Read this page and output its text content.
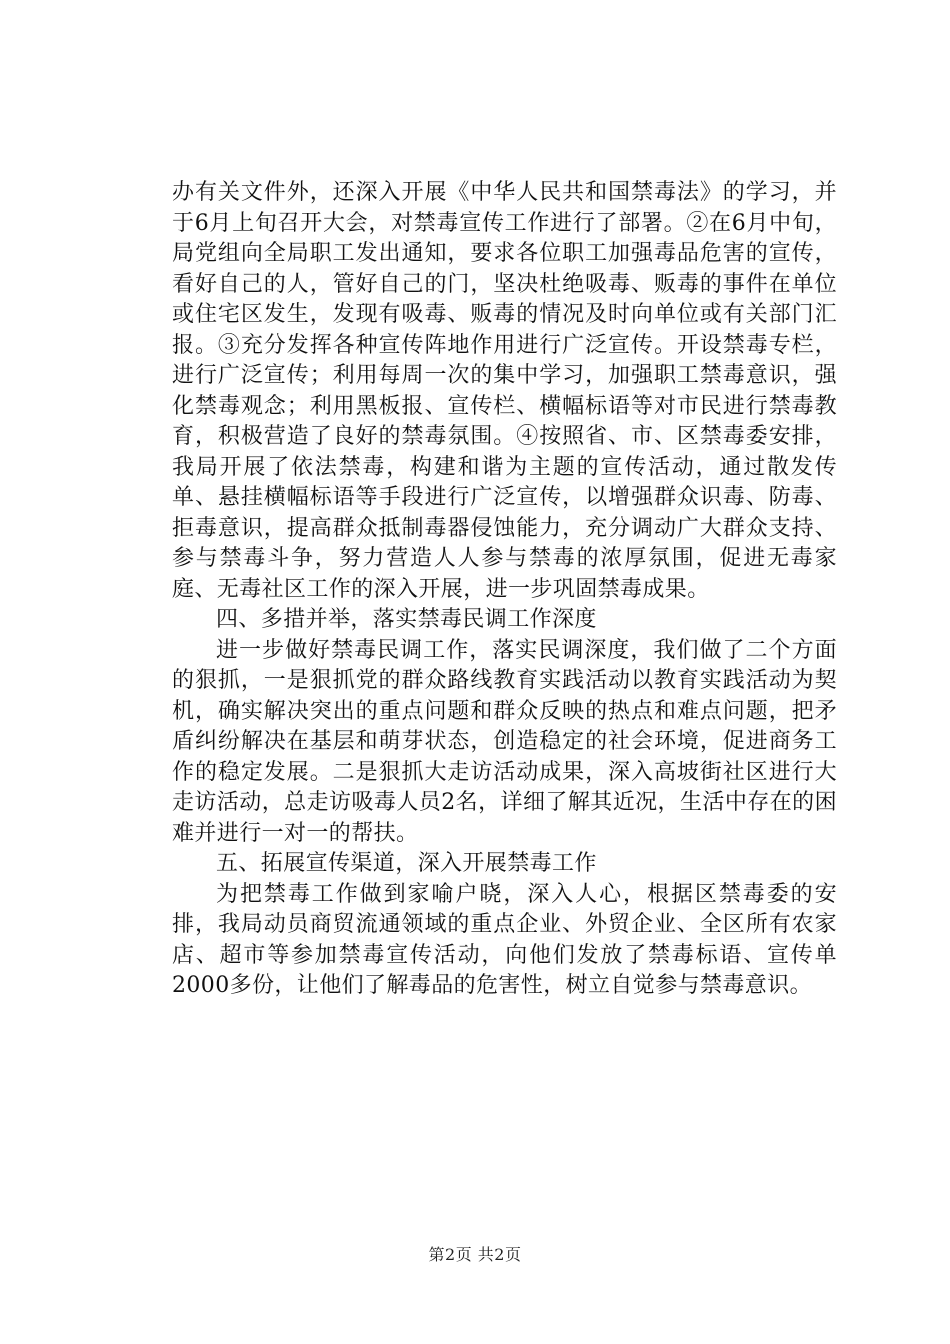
办有关文件外，还深入开展《中华人民共和国禁毒法》的学习，并于6月上旬召开大会，对禁毒宣传工作进行了部署。②在6月中旬，局党组向全局职工发出通知，要求各位职工加强毒品危害的宣传，看好自己的人，管好自己的门，坚决杜绝吸毒、贩毒的事件在单位或住宅区发生，发现有吸毒、贩毒的情况及时向单位或有关部门汇报。③充分发挥各种宣传阵地作用进行广泛宣传。开设禁毒专栏，进行广泛宣传；利用每周一次的集中学习，加强职工禁毒意识，强化禁毒观念；利用黑板报、宣传栏、横幅标语等对市民进行禁毒教育，积极营造了良好的禁毒氛围。④按照省、市、区禁毒委安排，我局开展了依法禁毒，构建和谐为主题的宣传活动，通过散发传单、悬挂横幅标语等手段进行广泛宣传，以增强群众识毒、防毒、拒毒意识，提高群众抵制毒器侵蚀能力，充分调动广大群众支持、参与禁毒斗争，努力营造人人参与禁毒的浓厚氛围，促进无毒家庭、无毒社区工作的深入开展，进一步巩固禁毒成果。

四、多措并举，落实禁毒民调工作深度

进一步做好禁毒民调工作，落实民调深度，我们做了二个方面的狠抓，一是狠抓党的群众路线教育实践活动以教育实践活动为契机，确实解决突出的重点问题和群众反映的热点和难点问题，把矛盾纠纷解决在基层和萌芽状态，创造稳定的社会环境，促进商务工作的稳定发展。二是狠抓大走访活动成果，深入高坡街社区进行大走访活动，总走访吸毒人员2名，详细了解其近况，生活中存在的困难并进行一对一的帮扶。

五、拓展宣传渠道，深入开展禁毒工作

为把禁毒工作做到家喻户晓，深入人心，根据区禁毒委的安排，我局动员商贸流通领域的重点企业、外贸企业、全区所有农家店、超市等参加禁毒宣传活动，向他们发放了禁毒标语、宣传单2000多份，让他们了解毒品的危害性，树立自觉参与禁毒意识。

第2页 共2页
